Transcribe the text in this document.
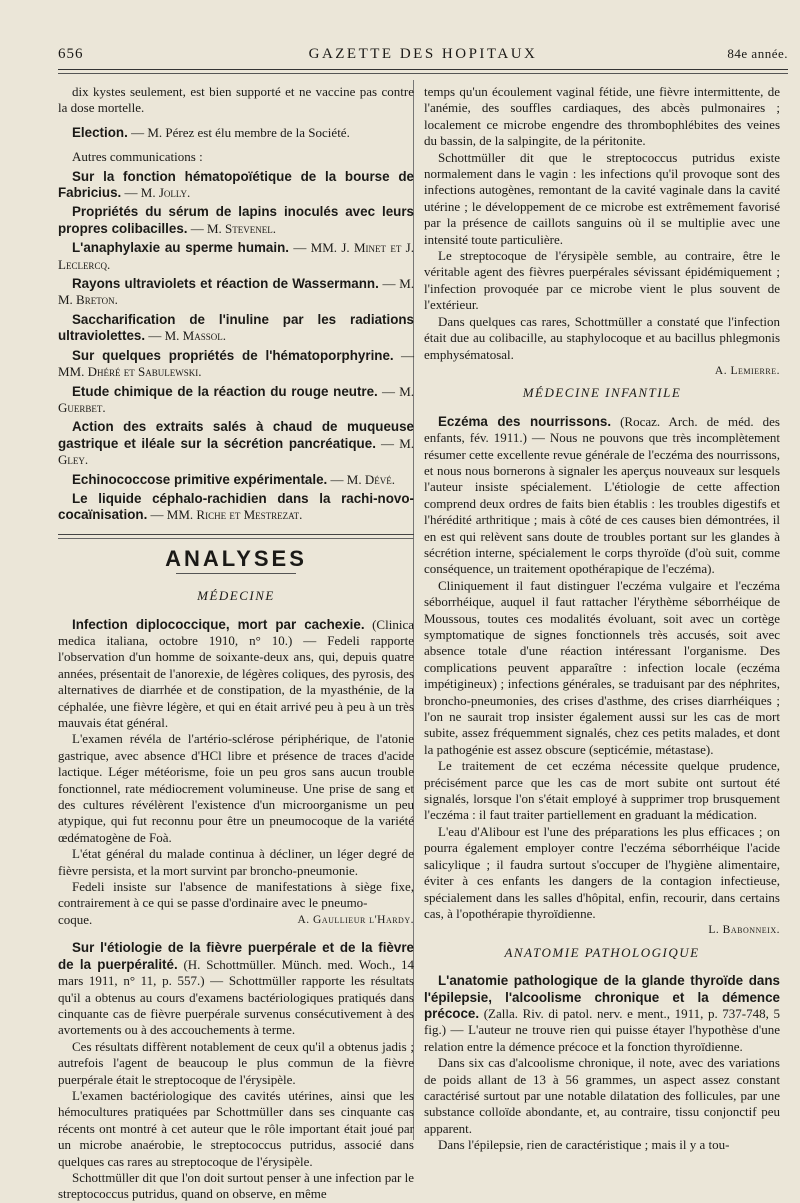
656	GAZETTE DES HOPITAUX	84e année.

dix kystes seulement, est bien supporté et ne vaccine pas contre la dose mortelle.

Election. — M. Pérez est élu membre de la Société.

Autres communications :

Sur la fonction hématopoïétique de la bourse de Fabricius. — M. Jolly.

Propriétés du sérum de lapins inoculés avec leurs propres colibacilles. — M. Stevenel.

L'anaphylaxie au sperme humain. — MM. J. Minet et J. Leclercq.

Rayons ultraviolets et réaction de Wassermann. — M. M. Breton.

Saccharification de l'inuline par les radiations ultraviolettes. — M. Massol.

Sur quelques propriétés de l'hématoporphyrine. — MM. Dhéré et Sabulewski.

Etude chimique de la réaction du rouge neutre. — M. Guerbet.

Action des extraits salés à chaud de muqueuse gastrique et iléale sur la sécrétion pancréatique. — M. Gley.

Echinococcose primitive expérimentale. — M. Dévé.

Le liquide céphalo-rachidien dans la rachi-novo-cocaïnisation. — MM. Riche et Mestrezat.

ANALYSES
MÉDECINE

Infection diplococcique, mort par cachexie. (Clinica medica italiana, octobre 1910, n° 10.) — Fedeli rapporte l'observation d'un homme de soixante-deux ans, qui, depuis quatre années, présentait de l'anorexie, de légères coliques, des pyrosis, des alternatives de diarrhée et de constipation, de la myasthénie, de la céphalée, une fièvre légère, et qui en était arrivé peu à peu à un très mauvais état général.

L'examen révéla de l'artério-sclérose périphérique, de l'atonie gastrique, avec absence d'HCl libre et présence de traces d'acide lactique. Léger météorisme, foie un peu gros sans aucun trouble fonctionnel, rate médiocrement volumineuse. Une prise de sang et des cultures révélèrent l'existence d'un microorganisme un peu atypique, qui fut reconnu pour être un pneumocoque de la variété œdématogène de Foà.

L'état général du malade continua à décliner, un léger degré de fièvre persista, et la mort survint par broncho-pneumonie.

Fedeli insiste sur l'absence de manifestations à siège fixe, contrairement à ce qui se passe d'ordinaire avec le pneumo-

coque.	A. Gaullieur l'Hardy.

Sur l'étiologie de la fièvre puerpérale et de la fièvre de la puerpéralité. (H. Schottmüller. Münch. med. Woch., 14 mars 1911, n° 11, p. 557.) — Schottmüller rapporte les résultats qu'il a obtenus au cours d'examens bactériologiques pratiqués dans cinquante cas de fièvre puerpérale survenus consécutivement à des avortements ou à des accouchements à terme.

Ces résultats diffèrent notablement de ceux qu'il a obtenus jadis ; autrefois l'agent de beaucoup le plus commun de la fièvre puerpérale était le streptocoque de l'érysipèle.

L'examen bactériologique des cavités utérines, ainsi que les hémocultures pratiquées par Schottmüller dans ses cinquante cas récents ont montré à cet auteur que le rôle important était joué par un microbe anaérobie, le streptococcus putridus, associé dans quelques cas rares au streptocoque de l'érysipèle.

Schottmüller dit que l'on doit surtout penser à une infection par le streptococcus putridus, quand on observe, en même

temps qu'un écoulement vaginal fétide, une fièvre intermittente, de l'anémie, des souffles cardiaques, des abcès pulmonaires ; localement ce microbe engendre des thrombophlébites des veines du bassin, de la salpingite, de la péritonite.

Schottmüller dit que le streptococcus putridus existe normalement dans le vagin : les infections qu'il provoque sont des infections autogènes, remontant de la cavité vaginale dans la cavité utérine ; le développement de ce microbe est extrêmement favorisé par la présence de caillots sanguins où il se multiplie avec une intensité toute particulière.

Le streptocoque de l'érysipèle semble, au contraire, être le véritable agent des fièvres puerpérales sévissant épidémiquement ; l'infection provoquée par ce microbe vient le plus souvent de l'extérieur.

Dans quelques cas rares, Schottmüller a constaté que l'infection était due au colibacille, au staphylocoque et au bacillus phlegmonis emphysématosal.

A. Lemierre.

MÉDECINE INFANTILE

Eczéma des nourrissons. (Rocaz. Arch. de méd. des enfants, fév. 1911.) — Nous ne pouvons que très incomplètement résumer cette excellente revue générale de l'eczéma des nourrissons, et nous nous bornerons à signaler les aperçus nouveaux sur lesquels l'auteur insiste spécialement. L'étiologie de cette affection comprend deux ordres de faits bien établis : les troubles digestifs et l'hérédité arthritique ; mais à côté de ces causes bien démontrées, il en est qui relèvent sans doute de troubles portant sur les glandes à sécrétion interne, spécialement le corps thyroïde (d'où suit, comme conséquence, un traitement opothérapique de l'eczéma).

Cliniquement il faut distinguer l'eczéma vulgaire et l'eczéma séborrhéique, auquel il faut rattacher l'érythème séborrhéique de Moussous, toutes ces modalités évoluant, soit avec un cortège symptomatique de signes fonctionnels très accusés, soit avec absence totale d'une réaction intéressant l'organisme. Des complications peuvent apparaître : infection locale (eczéma impétigineux) ; infections générales, se traduisant par des néphrites, broncho-pneumonies, des crises d'asthme, des crises diarrhéiques ; l'on ne saurait trop insister également aussi sur les cas de mort subite, assez fréquemment signalés, chez ces petits malades, et dont la pathogénie est assez obscure (septicémie, métastase).

Le traitement de cet eczéma nécessite quelque prudence, précisément parce que les cas de mort subite ont surtout été signalés, lorsque l'on s'était employé à supprimer trop brusquement l'eczéma : il faut traiter partiellement en graduant la médication.

L'eau d'Alibour est l'une des préparations les plus efficaces ; on pourra également employer contre l'eczéma séborrhéique l'acide salicylique ; il faudra surtout s'occuper de l'hygiène alimentaire, éviter à ces enfants les dangers de la contagion infectieuse, spécialement dans les salles d'hôpital, enfin, recourir, dans certains cas, à l'opothérapie thyroïdienne.

L. Babonneix.

ANATOMIE PATHOLOGIQUE

L'anatomie pathologique de la glande thyroïde dans l'épilepsie, l'alcoolisme chronique et la démence précoce. (Zalla. Riv. di patol. nerv. e ment., 1911, p. 737-748, 5 fig.) — L'auteur ne trouve rien qui puisse étayer l'hypothèse d'une relation entre la démence précoce et la fonction thyroïdienne.

Dans six cas d'alcoolisme chronique, il note, avec des variations de poids allant de 13 à 56 grammes, un aspect assez constant caractérisé surtout par une notable dilatation des follicules, par une substance colloïde abondante, et, au contraire, tissu conjonctif peu apparent.

Dans l'épilepsie, rien de caractéristique ; mais il y a tou-
